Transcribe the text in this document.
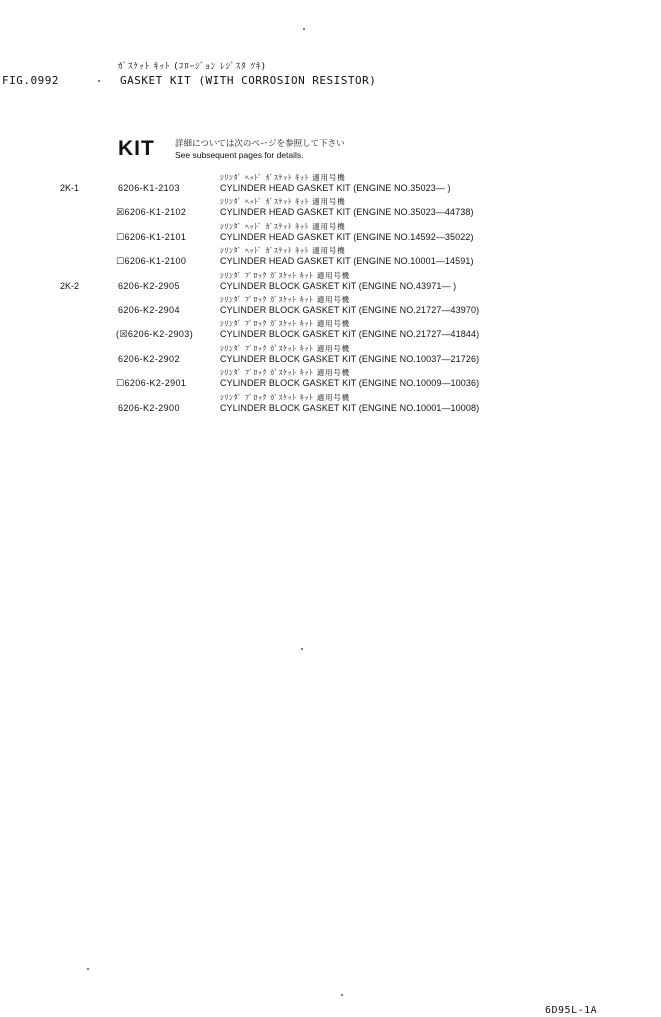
ｶﾞｽｹｯﾄ ｷｯﾄ (ｺﾛｰｼﾞｮﾝ ﾚｼﾞｽﾀ ﾂｷ)
FIG.0992	GASKET KIT (WITH CORROSION RESISTOR)
KIT 詳細については次のページを参照して下さい
See subsequent pages for details.
ｼﾘﾝﾀﾞ ﾍｯﾄﾞ ｶﾞｽｹｯﾄ ｷｯﾄ 適用号機
2K-1	6206-K1-2103	CYLINDER HEAD GASKET KIT (ENGINE NO.35023— )
ｼﾘﾝﾀﾞ ﾍｯﾄﾞ ｶﾞｽｹｯﾄ ｷｯﾄ 適用号機
☒6206-K1-2102	CYLINDER HEAD GASKET KIT (ENGINE NO.35023—44738)
ｼﾘﾝﾀﾞ ﾍｯﾄﾞ ｶﾞｽｹｯﾄ ｷｯﾄ 適用号機
☐6206-K1-2101	CYLINDER HEAD GASKET KIT (ENGINE NO.14592—35022)
ｼﾘﾝﾀﾞ ﾍｯﾄﾞ ｶﾞｽｹｯﾄ ｷｯﾄ 適用号機
☐6206-K1-2100	CYLINDER HEAD GASKET KIT (ENGINE NO.10001—14591)
ｼﾘﾝﾀﾞ ﾌﾞﾛｯｸ ｶﾞｽｹｯﾄ ｷｯﾄ 適用号機
2K-2	6206-K2-2905	CYLINDER BLOCK GASKET KIT (ENGINE NO.43971— )
ｼﾘﾝﾀﾞ ﾌﾞﾛｯｸ ｶﾞｽｹｯﾄ ｷｯﾄ 適用号機
6206-K2-2904	CYLINDER BLOCK GASKET KIT (ENGINE NO.21727—43970)
ｼﾘﾝﾀﾞ ﾌﾞﾛｯｸ ｶﾞｽｹｯﾄ ｷｯﾄ 適用号機
(☒6206-K2-2903)	CYLINDER BLOCK GASKET KIT (ENGINE NO.21727—41844)
ｼﾘﾝﾀﾞ ﾌﾞﾛｯｸ ｶﾞｽｹｯﾄ ｷｯﾄ 適用号機
6206-K2-2902	CYLINDER BLOCK GASKET KIT (ENGINE NO.10037—21726)
ｼﾘﾝﾀﾞ ﾌﾞﾛｯｸ ｶﾞｽｹｯﾄ ｷｯﾄ 適用号機
☐6206-K2-2901	CYLINDER BLOCK GASKET KIT (ENGINE NO.10009—10036)
ｼﾘﾝﾀﾞ ﾌﾞﾛｯｸ ｶﾞｽｹｯﾄ ｷｯﾄ 適用号機
6206-K2-2900	CYLINDER BLOCK GASKET KIT (ENGINE NO.10001—10008)
6D95L-1A
